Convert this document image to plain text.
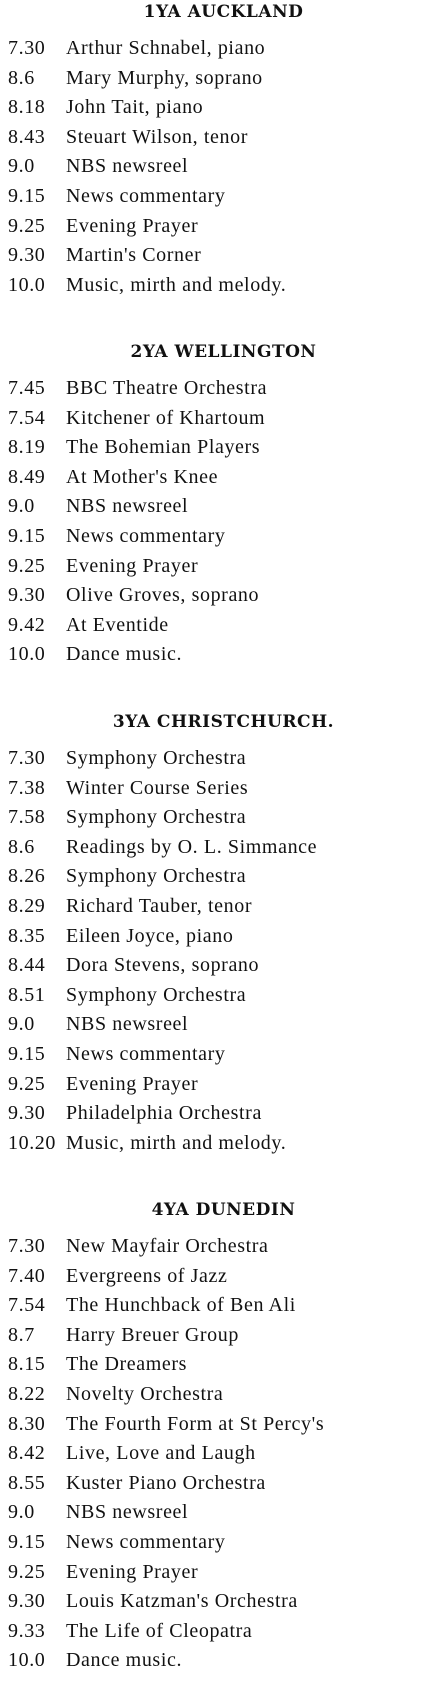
1YA AUCKLAND
7.30 Arthur Schnabel, piano
8.6 Mary Murphy, soprano
8.18 John Tait, piano
8.43 Steuart Wilson, tenor
9.0 NBS newsreel
9.15 News commentary
9.25 Evening Prayer
9.30 Martin's Corner
10.0 Music, mirth and melody.
2YA WELLINGTON
7.45 BBC Theatre Orchestra
7.54 Kitchener of Khartoum
8.19 The Bohemian Players
8.49 At Mother's Knee
9.0 NBS newsreel
9.15 News commentary
9.25 Evening Prayer
9.30 Olive Groves, soprano
9.42 At Eventide
10.0 Dance music.
3YA CHRISTCHURCH.
7.30 Symphony Orchestra
7.38 Winter Course Series
7.58 Symphony Orchestra
8.6 Readings by O. L. Simmance
8.26 Symphony Orchestra
8.29 Richard Tauber, tenor
8.35 Eileen Joyce, piano
8.44 Dora Stevens, soprano
8.51 Symphony Orchestra
9.0 NBS newsreel
9.15 News commentary
9.25 Evening Prayer
9.30 Philadelphia Orchestra
10.20 Music, mirth and melody.
4YA DUNEDIN
7.30 New Mayfair Orchestra
7.40 Evergreens of Jazz
7.54 The Hunchback of Ben Ali
8.7 Harry Breuer Group
8.15 The Dreamers
8.22 Novelty Orchestra
8.30 The Fourth Form at St Percy's
8.42 Live, Love and Laugh
8.55 Kuster Piano Orchestra
9.0 NBS newsreel
9.15 News commentary
9.25 Evening Prayer
9.30 Louis Katzman's Orchestra
9.33 The Life of Cleopatra
10.0 Dance music.
